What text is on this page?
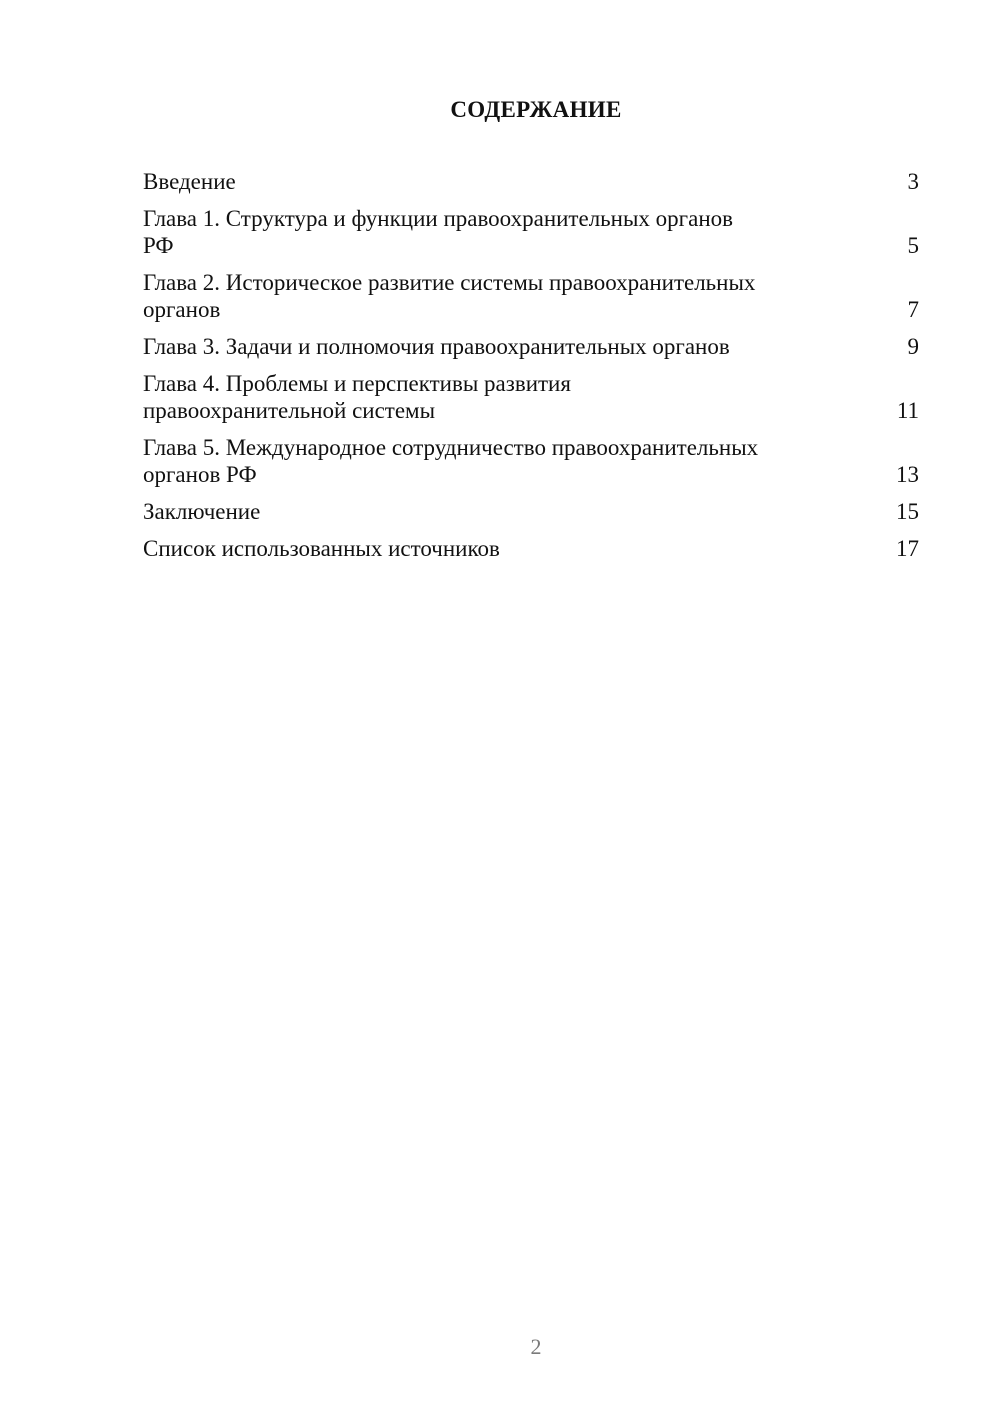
СОДЕРЖАНИЕ
Введение	3
Глава 1. Структура и функции правоохранительных органов
РФ	5
Глава 2. Историческое развитие системы правоохранительных
органов	7
Глава 3. Задачи и полномочия правоохранительных органов	9
Глава 4. Проблемы и перспективы развития
правоохранительной системы	11
Глава 5. Международное сотрудничество правоохранительных
органов РФ	13
Заключение	15
Список использованных источников	17
2
